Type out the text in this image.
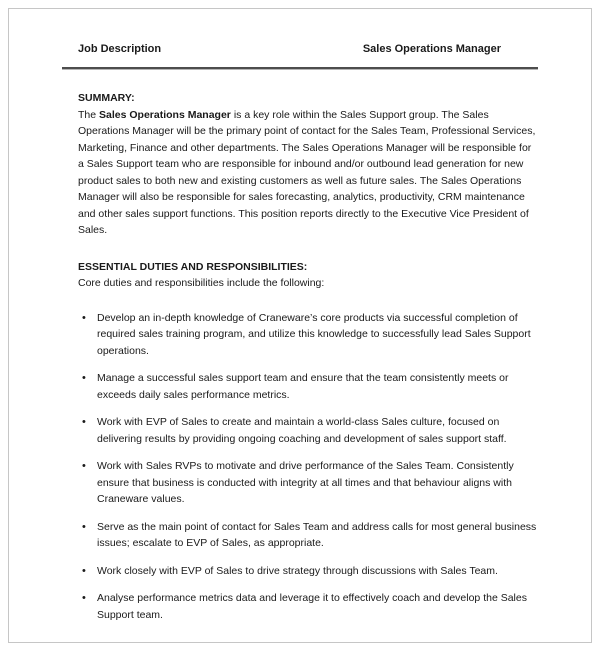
Job Description	Sales Operations Manager
SUMMARY:
The Sales Operations Manager is a key role within the Sales Support group. The Sales Operations Manager will be the primary point of contact for the Sales Team, Professional Services, Marketing, Finance and other departments. The Sales Operations Manager will be responsible for a Sales Support team who are responsible for inbound and/or outbound lead generation for new product sales to both new and existing customers as well as future sales. The Sales Operations Manager will also be responsible for sales forecasting, analytics, productivity, CRM maintenance and other sales support functions. This position reports directly to the Executive Vice President of Sales.
ESSENTIAL DUTIES AND RESPONSIBILITIES:
Core duties and responsibilities include the following:
• Develop an in-depth knowledge of Craneware’s core products via successful completion of required sales training program, and utilize this knowledge to successfully lead Sales Support operations.
• Manage a successful sales support team and ensure that the team consistently meets or exceeds daily sales performance metrics.
• Work with EVP of Sales to create and maintain a world-class Sales culture, focused on delivering results by providing ongoing coaching and development of sales support staff.
• Work with Sales RVPs to motivate and drive performance of the Sales Team. Consistently ensure that business is conducted with integrity at all times and that behaviour aligns with Craneware values.
• Serve as the main point of contact for Sales Team and address calls for most general business issues; escalate to EVP of Sales, as appropriate.
• Work closely with EVP of Sales to drive strategy through discussions with Sales Team.
• Analyse performance metrics data and leverage it to effectively coach and develop the Sales Support team.
